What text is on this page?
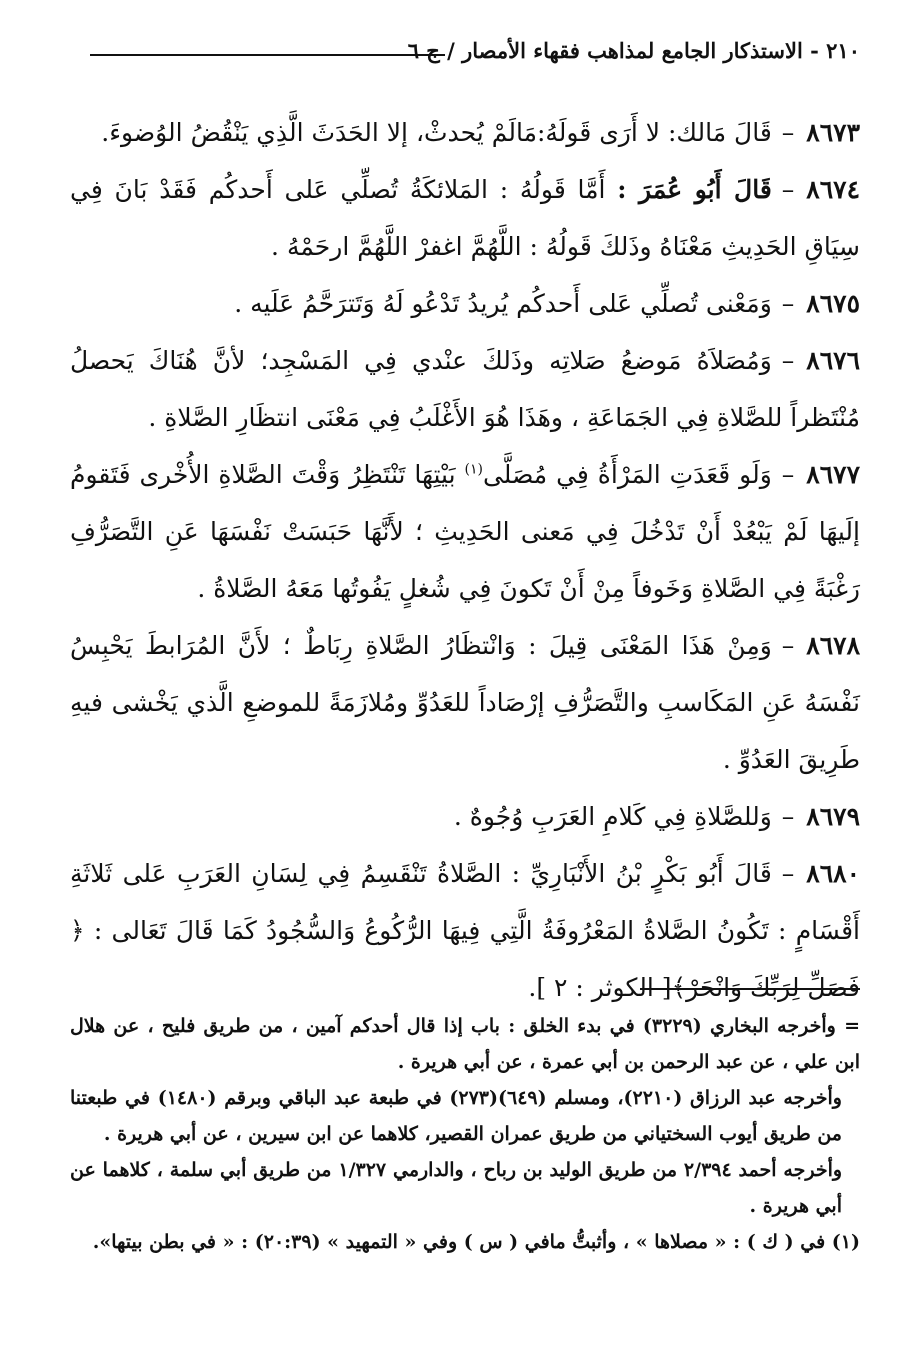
٢١٠ - الاستذكار الجامع لمذاهب فقهاء الأمصار / ج ٦

٨٦٧٣–قَالَ مَالك: لا أَرَى قَولَهُ:مَالَمْ يُحدثْ، إلا الحَدَثَ الَّذِي يَنْقُضُ الوُضوءَ.

٨٦٧٤–قَالَ أَبُو عُمَرَ : أَمَّا قَولُهُ : المَلائكَةُ تُصلِّي عَلى أَحدكُم فَقَدْ بَانَ فِي سِيَاقِ الحَدِيثِ مَعْنَاهُ وذَلكَ قَولُهُ : اللَّهُمَّ اغفرْ اللَّهُمَّ ارحَمْهُ .

٨٦٧٥–وَمَعْنى تُصلِّي عَلى أَحدكُم يُريدُ تَدْعُو لَهُ وَتَترَحَّمُ عَلَيه .

٨٦٧٦–وَمُصَلاَهُ مَوضعُ صَلاتِه وذَلكَ عنْدي فِي المَسْجِد؛ لأنَّ هُنَاكَ يَحصلُ مُنْتَظراً للصَّلاةِ فِي الجَمَاعَةِ ، وهَذَا هُوَ الأَغْلَبُ فِي مَعْنَى انتظَارِ الصَّلاةِ .

٨٦٧٧–وَلَو قَعَدَتِ المَرْأَةُ فِي مُصَلَّى$^{(١)}$ بَيْتِهَا تَنْتَظِرُ وَقْتَ الصَّلاةِ الأُخْرى فَتَقومُ إلَيهَا لَمْ يَبْعُدْ أَنْ تَدْخُلَ فِي مَعنى الحَدِيثِ ؛ لأَنَّهَا حَبَسَتْ نَفْسَهَا عَنِ التَّصَرُّفِ رَغْبَةً فِي الصَّلاةِ وَخَوفاً مِنْ أَنْ تَكونَ فِي شُغلٍ يَفُوتُها مَعَهُ الصَّلاةُ .

٨٦٧٨–وَمِنْ هَذَا المَعْنَى قِيلَ : وَانْتظَارُ الصَّلاةِ رِبَاطٌ ؛ لأَنَّ المُرَابطَ يَحْبِسُ نَفْسَهُ عَنِ المَكَاسبِ والتَّصَرُّفِ إرْصَاداً للعَدُوِّ ومُلازَمَةً للموضعِ الَّذي يَخْشى فيهِ طَرِيقَ العَدُوِّ .

٨٦٧٩–وَللصَّلاةِ فِي كَلامِ العَرَبِ وُجُوهٌ .

٨٦٨٠–قَالَ أَبُو بَكْرٍ بْنُ الأَنْبَارِيِّ : الصَّلاةُ تَنْقَسِمُ فِي لِسَانِ العَرَبِ عَلى ثَلاثَةِ أَقْسَامٍ : تَكُونُ الصَّلاةُ المَعْرُوفَةُ الَّتِي فِيهَا الرُّكُوعُ وَالسُّجُودُ كَمَا قَالَ تَعَالى : ﴿ فَصَلِّ لِرَبِّكَ وَانْحَرْ﴾[ الكوثر : ٢ ].

= وأخرجه البخاري (٣٢٢٩) في بدء الخلق : باب إذا قال أحدكم آمين ، من طريق فليح ، عن هلال ابن علي ، عن عبد الرحمن بن أبي عمرة ، عن أبي هريرة .

وأخرجه عبد الرزاق (٢٢١٠)، ومسلم (٦٤٩)(٢٧٣) في طبعة عبد الباقي وبرقم (١٤٨٠) في طبعتنا من طريق أيوب السختياني من طريق عمران القصير، كلاهما عن ابن سيرين ، عن أبي هريرة .

وأخرجه أحمد ٢/٣٩٤ من طريق الوليد بن رباح ، والدارمي ١/٣٢٧ من طريق أبي سلمة ، كلاهما عن أبي هريرة .

(١) في ( ك ) : « مصلاها » ، وأثبتُّ مافي ( س ) وفي « التمهيد » (٢٠:٣٩) : « في بطن بيتها».
